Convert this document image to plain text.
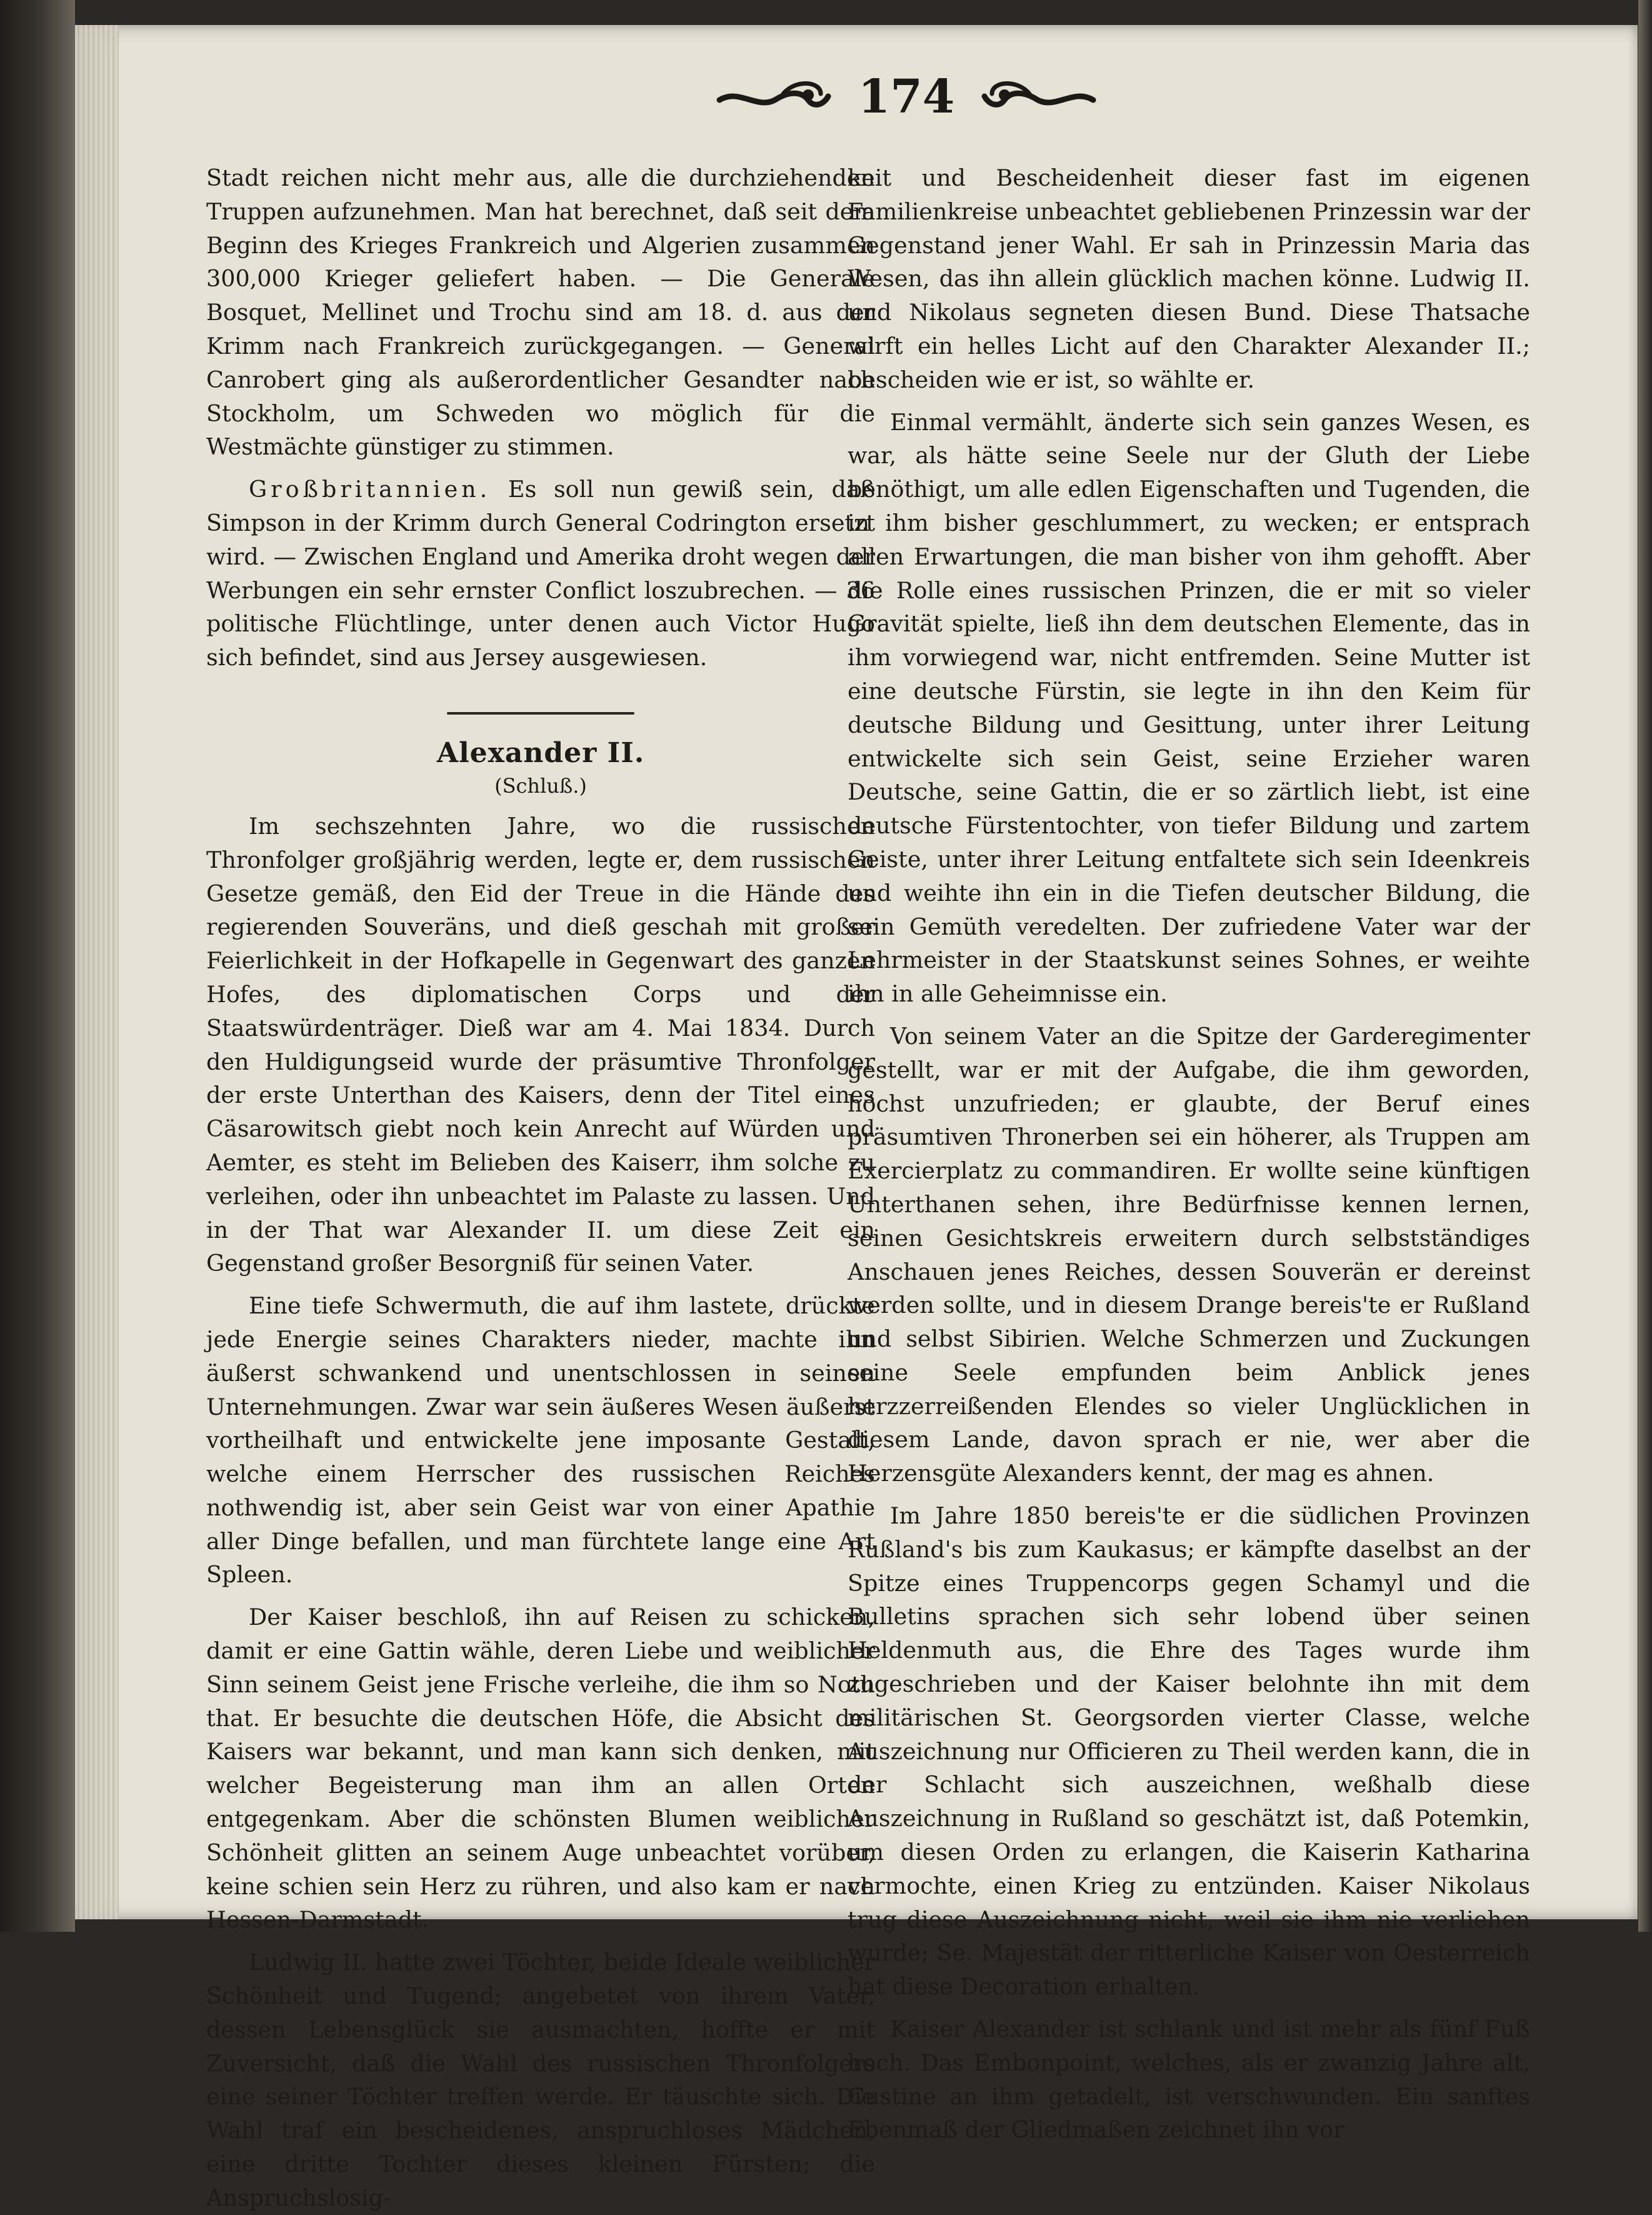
174

Stadt reichen nicht mehr aus, alle die durchziehenden Truppen aufzunehmen. Man hat berechnet, daß seit dem Beginn des Krieges Frankreich und Algerien zusammen 300,000 Krieger geliefert haben. — Die Generale Bosquet, Mellinet und Trochu sind am 18. d. aus der Krimm nach Frankreich zurückgegangen. — General Canrobert ging als außerordentlicher Gesandter nach Stockholm, um Schweden wo möglich für die Westmächte günstiger zu stimmen.

Großbritannien. Es soll nun gewiß sein, daß Simpson in der Krimm durch General Codrington ersetzt wird. — Zwischen England und Amerika droht wegen der Werbungen ein sehr ernster Conflict loszubrechen. — 36 politische Flüchtlinge, unter denen auch Victor Hugo sich befindet, sind aus Jersey ausgewiesen.

Alexander II.

(Schluß.)

Im sechszehnten Jahre, wo die russischen Thronfolger großjährig werden, legte er, dem russischen Gesetze gemäß, den Eid der Treue in die Hände des regierenden Souveräns, und dieß geschah mit großer Feierlichkeit in der Hofkapelle in Gegenwart des ganzen Hofes, des diplomatischen Corps und der Staatswürdenträger. Dieß war am 4. Mai 1834. Durch den Huldigungseid wurde der präsumtive Thronfolger der erste Unterthan des Kaisers, denn der Titel eines Cäsarowitsch giebt noch kein Anrecht auf Würden und Aemter, es steht im Belieben des Kaiserr, ihm solche zu verleihen, oder ihn unbeachtet im Palaste zu lassen. Und in der That war Alexander II. um diese Zeit ein Gegenstand großer Besorgniß für seinen Vater.

Eine tiefe Schwermuth, die auf ihm lastete, drückte jede Energie seines Charakters nieder, machte ihn äußerst schwankend und unentschlossen in seinen Unternehmungen. Zwar war sein äußeres Wesen äußerst vortheilhaft und entwickelte jene imposante Gestalt, welche einem Herrscher des russischen Reiches nothwendig ist, aber sein Geist war von einer Apathie aller Dinge befallen, und man fürchtete lange eine Art Spleen.

Der Kaiser beschloß, ihn auf Reisen zu schicken, damit er eine Gattin wähle, deren Liebe und weiblicher Sinn seinem Geist jene Frische verleihe, die ihm so Noth that. Er besuchte die deutschen Höfe, die Absicht des Kaisers war bekannt, und man kann sich denken, mit welcher Begeisterung man ihm an allen Orten entgegenkam. Aber die schönsten Blumen weiblicher Schönheit glitten an seinem Auge unbeachtet vorüber, keine schien sein Herz zu rühren, und also kam er nach Hessen-Darmstadt.

Ludwig II. hatte zwei Töchter, beide Ideale weiblicher Schönheit und Tugend; angebetet von ihrem Vater, dessen Lebensglück sie ausmachten, hoffte er mit Zuversicht, daß die Wahl des russischen Thronfolgers eine seiner Töchter treffen werde. Er täuschte sich. Die Wahl traf ein bescheidenes, anspruchloses Mädchen, eine dritte Tochter dieses kleinen Fürsten; die Anspruchslosig-

keit und Bescheidenheit dieser fast im eigenen Familienkreise unbeachtet gebliebenen Prinzessin war der Gegenstand jener Wahl. Er sah in Prinzessin Maria das Wesen, das ihn allein glücklich machen könne. Ludwig II. und Nikolaus segneten diesen Bund. Diese Thatsache wirft ein helles Licht auf den Charakter Alexander II.; bescheiden wie er ist, so wählte er.

Einmal vermählt, änderte sich sein ganzes Wesen, es war, als hätte seine Seele nur der Gluth der Liebe benöthigt, um alle edlen Eigenschaften und Tugenden, die in ihm bisher geschlummert, zu wecken; er entsprach allen Erwartungen, die man bisher von ihm gehofft. Aber die Rolle eines russischen Prinzen, die er mit so vieler Gravität spielte, ließ ihn dem deutschen Elemente, das in ihm vorwiegend war, nicht entfremden. Seine Mutter ist eine deutsche Fürstin, sie legte in ihn den Keim für deutsche Bildung und Gesittung, unter ihrer Leitung entwickelte sich sein Geist, seine Erzieher waren Deutsche, seine Gattin, die er so zärtlich liebt, ist eine deutsche Fürstentochter, von tiefer Bildung und zartem Geiste, unter ihrer Leitung entfaltete sich sein Ideenkreis und weihte ihn ein in die Tiefen deutscher Bildung, die sein Gemüth veredelten. Der zufriedene Vater war der Lehrmeister in der Staatskunst seines Sohnes, er weihte ihn in alle Geheimnisse ein.

Von seinem Vater an die Spitze der Garderegimenter gestellt, war er mit der Aufgabe, die ihm geworden, höchst unzufrieden; er glaubte, der Beruf eines präsumtiven Thronerben sei ein höherer, als Truppen am Exercierplatz zu commandiren. Er wollte seine künftigen Unterthanen sehen, ihre Bedürfnisse kennen lernen, seinen Gesichtskreis erweitern durch selbstständiges Anschauen jenes Reiches, dessen Souverän er dereinst werden sollte, und in diesem Drange bereis'te er Rußland und selbst Sibirien. Welche Schmerzen und Zuckungen seine Seele empfunden beim Anblick jenes herzzerreißenden Elendes so vieler Unglücklichen in diesem Lande, davon sprach er nie, wer aber die Herzensgüte Alexanders kennt, der mag es ahnen.

Im Jahre 1850 bereis'te er die südlichen Provinzen Rußland's bis zum Kaukasus; er kämpfte daselbst an der Spitze eines Truppencorps gegen Schamyl und die Bulletins sprachen sich sehr lobend über seinen Heldenmuth aus, die Ehre des Tages wurde ihm zugeschrieben und der Kaiser belohnte ihn mit dem militärischen St. Georgsorden vierter Classe, welche Auszeichnung nur Officieren zu Theil werden kann, die in der Schlacht sich auszeichnen, weßhalb diese Auszeichnung in Rußland so geschätzt ist, daß Potemkin, um diesen Orden zu erlangen, die Kaiserin Katharina vermochte, einen Krieg zu entzünden. Kaiser Nikolaus trug diese Auszeichnung nicht, weil sie ihm nie verliehen wurde; Se. Majestät der ritterliche Kaiser von Oesterreich hat diese Decoration erhalten.

Kaiser Alexander ist schlank und ist mehr als fünf Fuß hoch. Das Embonpoint, welches, als er zwanzig Jahre alt, Custine an ihm getadelt, ist verschwunden. Ein sanftes Ebenmaß der Gliedmaßen zeichnet ihn vor
